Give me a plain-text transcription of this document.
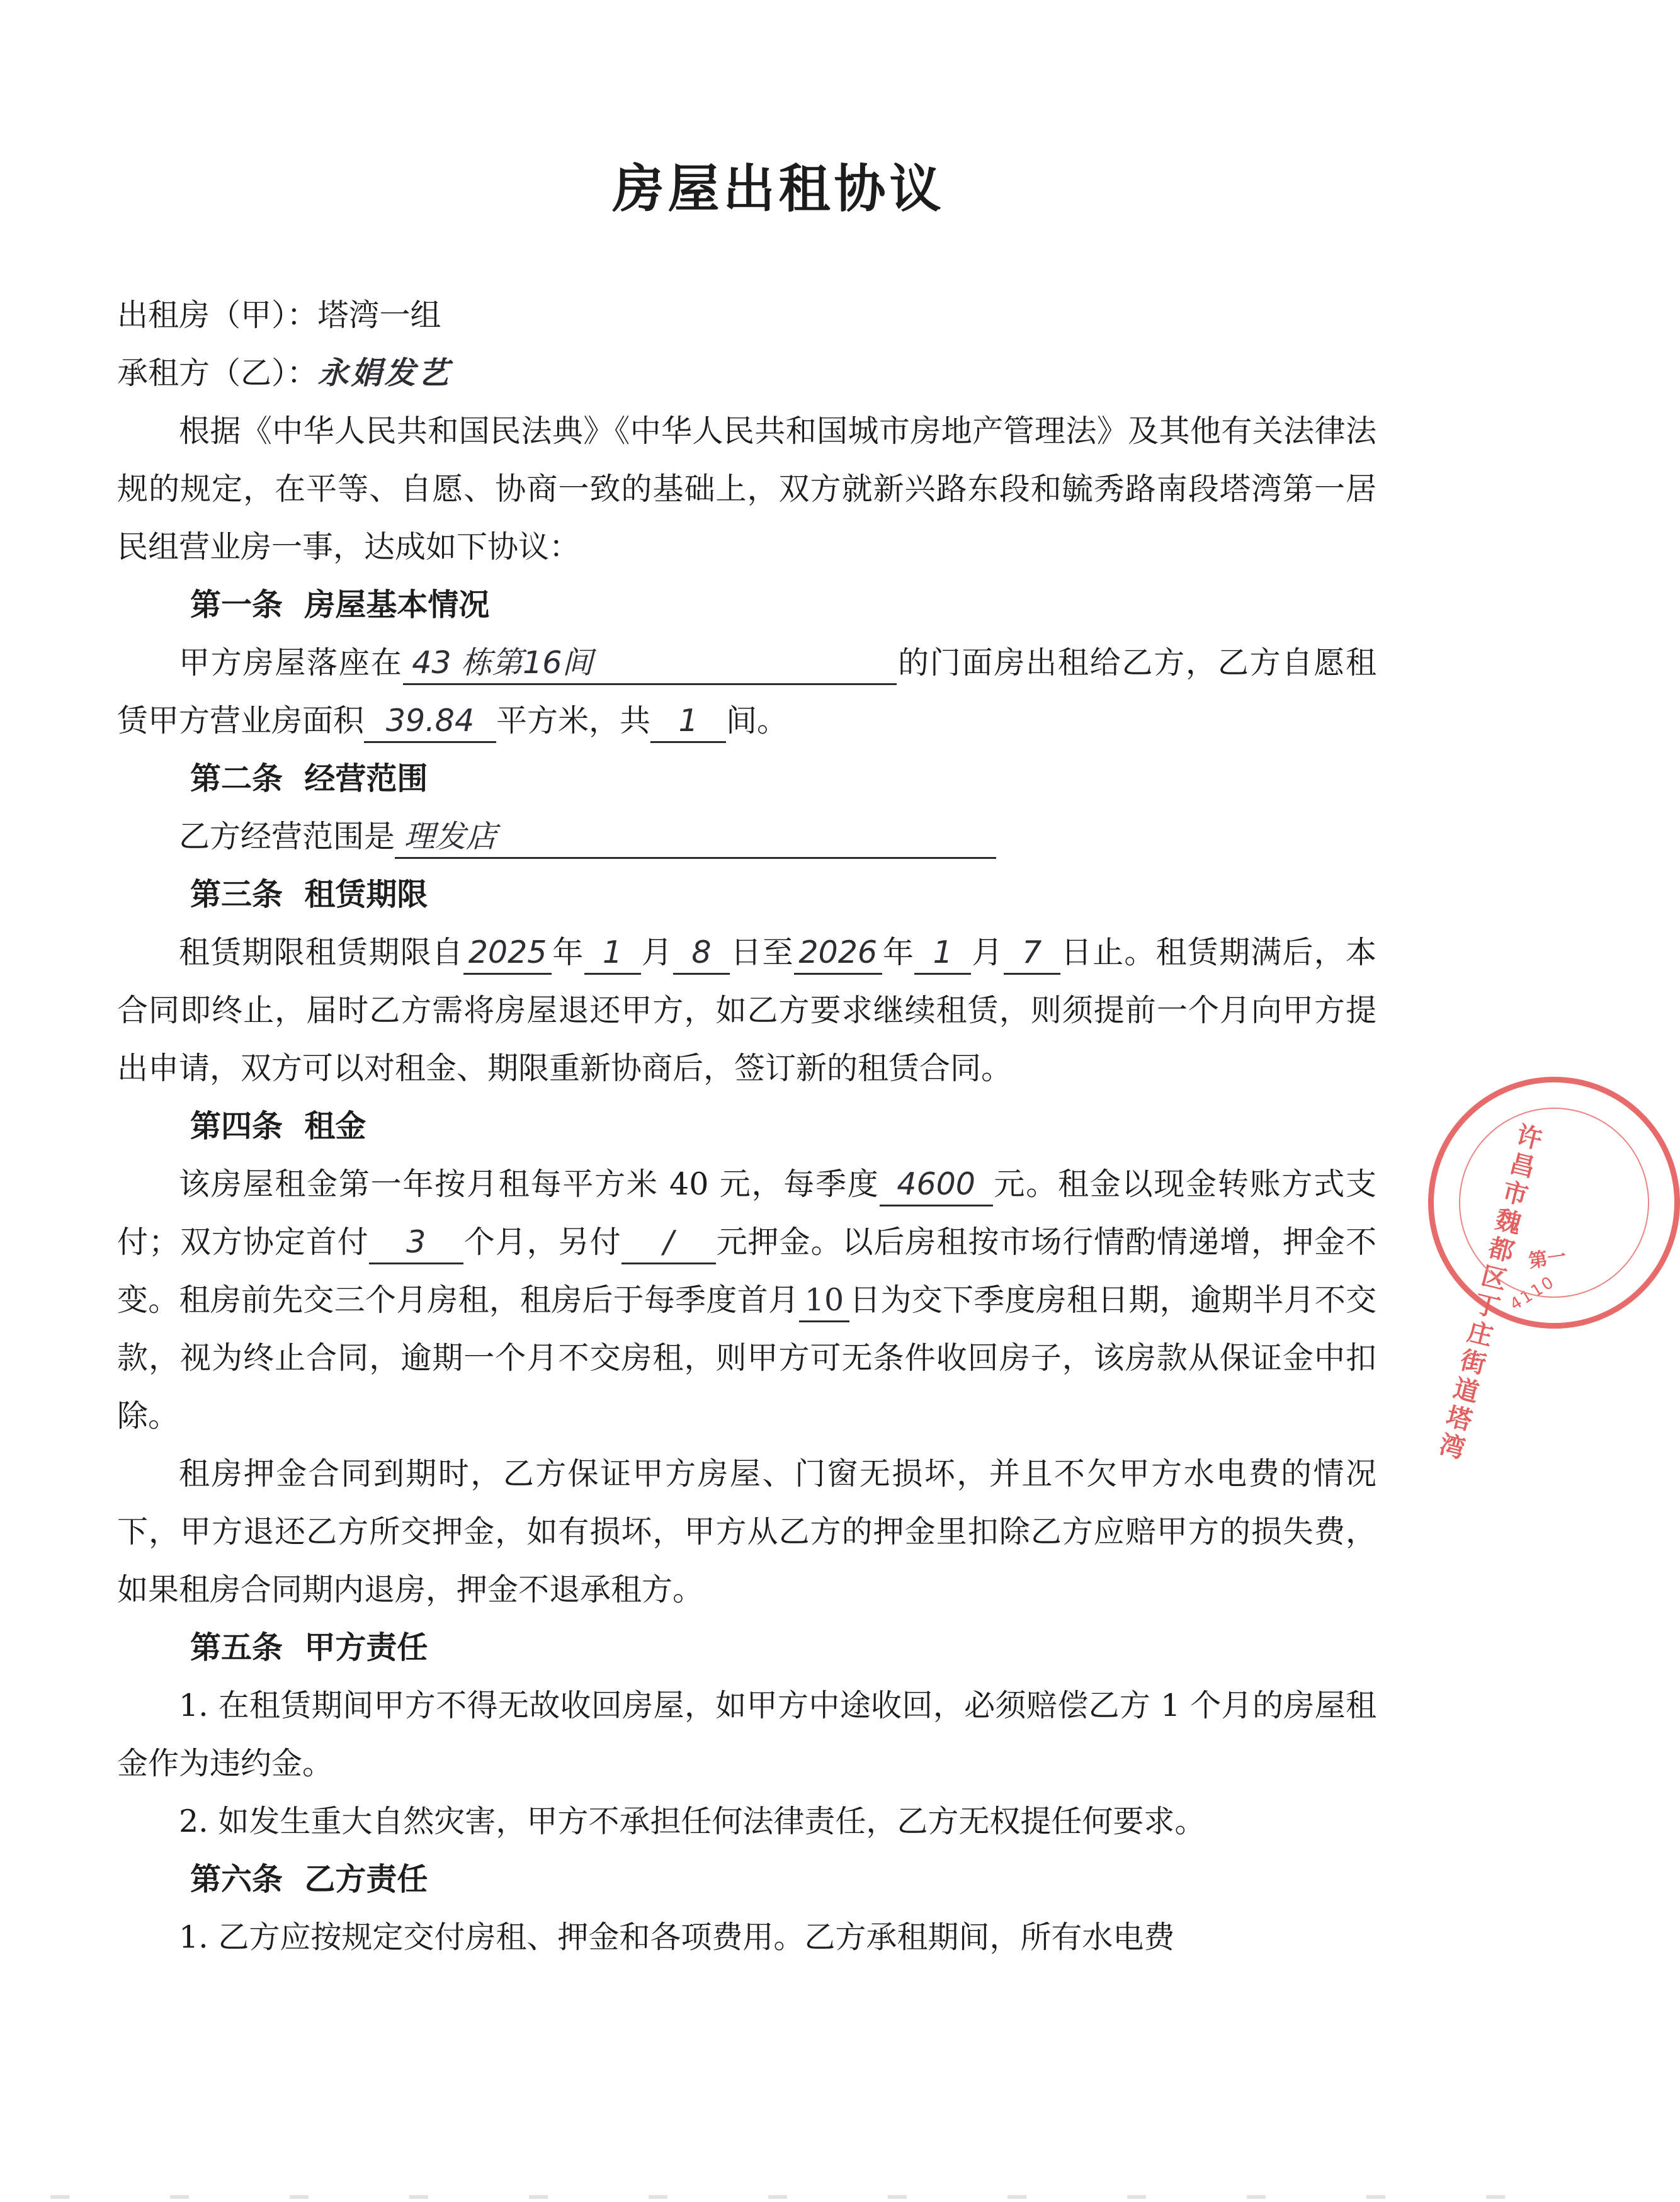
房屋出租协议

出租房（甲）：塔湾一组

承租方（乙）：永娟发艺

根据《中华人民共和国民法典》《中华人民共和国城市房地产管理法》及其他有关法律法规的规定，在平等、自愿、协商一致的基础上，双方就新兴路东段和毓秀路南段塔湾第一居民组营业房一事，达成如下协议：

第一条 房屋基本情况

甲方房屋落座在 43 栋第16间	的门面房出租给乙方，乙方自愿租赁甲方营业房面积 39.84 平方米，共 1 间。

第二条 经营范围

乙方经营范围是 理发店

第三条 租赁期限

租赁期限租赁期限自 2025 年 1 月 8 日至 2026 年 1 月 7 日止。租赁期满后，本合同即终止，届时乙方需将房屋退还甲方，如乙方要求继续租赁，则须提前一个月向甲方提出申请，双方可以对租金、期限重新协商后，签订新的租赁合同。

第四条 租金

该房屋租金第一年按月租每平方米 40 元，每季度 4600 元。租金以现金转账方式支付；双方协定首付 3 个月，另付 / 元押金。以后房租按市场行情酌情递增，押金不变。租房前先交三个月房租，租房后于每季度首月 10 日为交下季度房租日期，逾期半月不交款，视为终止合同，逾期一个月不交房租，则甲方可无条件收回房子，该房款从保证金中扣除。

租房押金合同到期时，乙方保证甲方房屋、门窗无损坏，并且不欠甲方水电费的情况下，甲方退还乙方所交押金，如有损坏，甲方从乙方的押金里扣除乙方应赔甲方的损失费，如果租房合同期内退房，押金不退承租方。

第五条 甲方责任

1. 在租赁期间甲方不得无故收回房屋，如甲方中途收回，必须赔偿乙方 1 个月的房屋租金作为违约金。

2. 如发生重大自然灾害，甲方不承担任何法律责任，乙方无权提任何要求。

第六条 乙方责任

1. 乙方应按规定交付房租、押金和各项费用。乙方承租期间，所有水电费

许昌市魏都区丁庄街道塔湾
第一
4110
